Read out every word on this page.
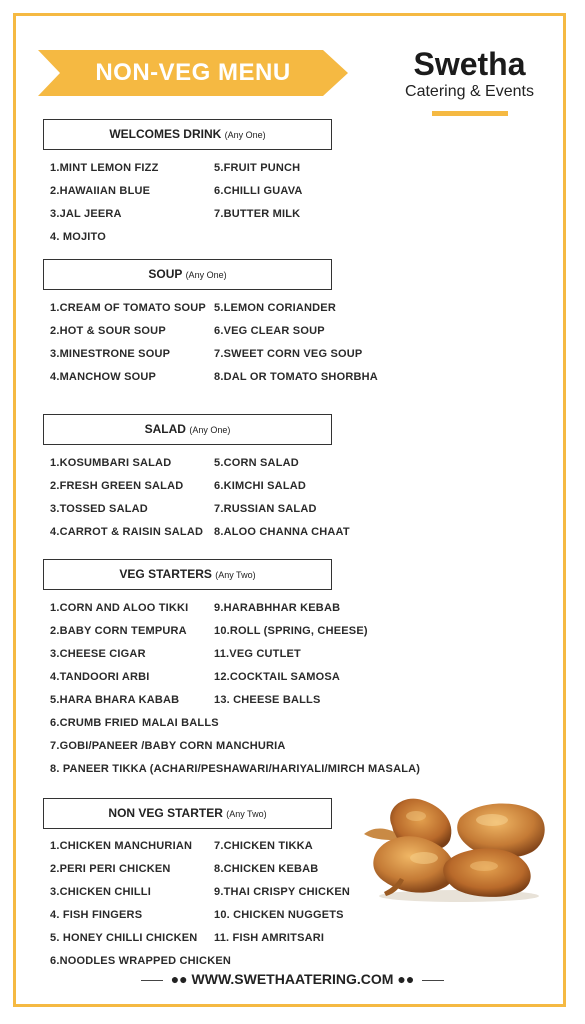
NON-VEG MENU	Swetha
Catering & Events
WELCOMES DRINK (Any One)
1.MINT LEMON FIZZ
2.HAWAIIAN BLUE
3.JAL JEERA
4. MOJITO
5.FRUIT PUNCH
6.CHILLI GUAVA
7.BUTTER MILK
SOUP (Any One)
1.CREAM OF TOMATO SOUP
2.HOT & SOUR SOUP
3.MINESTRONE SOUP
4.MANCHOW SOUP
5.LEMON CORIANDER
6.VEG CLEAR SOUP
7.SWEET CORN VEG SOUP
8.DAL OR TOMATO SHORBHA
SALAD (Any One)
1.KOSUMBARI SALAD
2.FRESH GREEN SALAD
3.TOSSED SALAD
4.CARROT & RAISIN SALAD
5.CORN SALAD
6.KIMCHI SALAD
7.RUSSIAN SALAD
8.ALOO CHANNA CHAAT
VEG STARTERS (Any Two)
1.CORN AND ALOO TIKKI
2.BABY CORN TEMPURA
3.CHEESE CIGAR
4.TANDOORI ARBI
5.HARA BHARA KABAB
6.CRUMB FRIED MALAI BALLS
7.GOBI/PANEER /BABY CORN MANCHURIA
8. PANEER TIKKA (ACHARI/PESHAWARI/HARIYALI/MIRCH MASALA)
9.HARABHHAR KEBAB
10.ROLL (SPRING, CHEESE)
11.VEG CUTLET
12.COCKTAIL SAMOSA
13. CHEESE BALLS
NON VEG STARTER (Any Two)
1.CHICKEN MANCHURIAN
2.PERI PERI CHICKEN
3.CHICKEN CHILLI
4. FISH FINGERS
5. HONEY CHILLI CHICKEN
6.NOODLES WRAPPED CHICKEN
7.CHICKEN TIKKA
8.CHICKEN KEBAB
9.THAI CRISPY CHICKEN
10. CHICKEN NUGGETS
11. FISH AMRITSARI
●● WWW.SWETHAATERING.COM ●●
